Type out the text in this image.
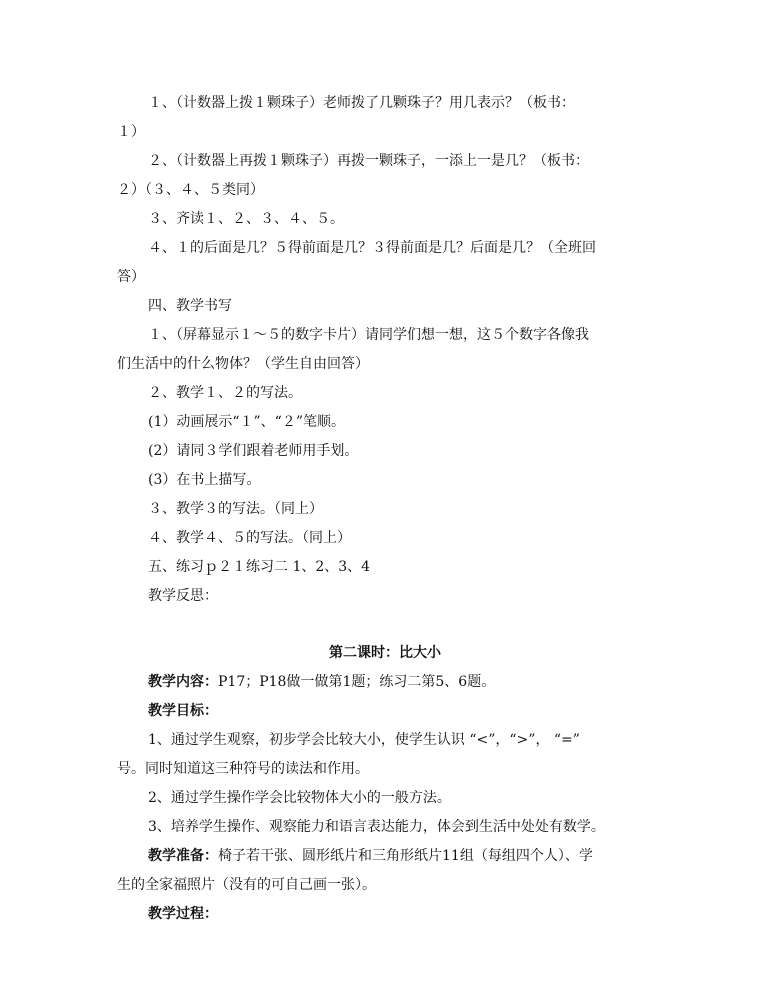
１、（计数器上拨１颗珠子）老师拨了几颗珠子？用几表示？（板书：

１）

２、（计数器上再拨１颗珠子）再拨一颗珠子，一添上一是几？（板书：

２）（３、４、５类同）

３、齐读１、２、３、４、５。

４、１的后面是几？５得前面是几？３得前面是几？后面是几？（全班回

答）

四、教学书写

１、（屏幕显示１～５的数字卡片）请同学们想一想，这５个数字各像我

们生活中的什么物体？（学生自由回答）

２、教学１、２的写法。

(1）动画展示“１”、“２”笔顺。

(2）请同３学们跟着老师用手划。

(3）在书上描写。

３、教学３的写法。（同上）

４、教学４、５的写法。（同上）

五、练习ｐ２１练习二 1、2、3、4

教学反思：

第二课时：比大小

教学内容：P17；P18做一做第1题；练习二第5、6题。

教学目标：

1、通过学生观察，初步学会比较大小，使学生认识 “<”，“>”， “=”

号。同时知道这三种符号的读法和作用。

2、通过学生操作学会比较物体大小的一般方法。

3、培养学生操作、观察能力和语言表达能力，体会到生活中处处有数学。

教学准备：椅子若干张、圆形纸片和三角形纸片11组（每组四个人）、学

生的全家福照片（没有的可自己画一张）。

教学过程：
